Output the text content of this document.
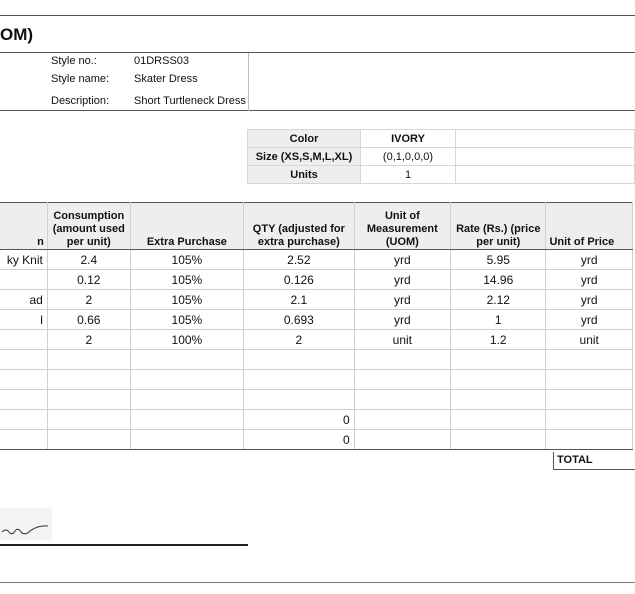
OM)
Style no.:	01DRSS03
Style name: Skater Dress
Description: Short Turtleneck Dress
Color	IVORY	
Size (XS,S,M,L,XL)	(0,1,0,0,0)	
Units	1	
n	Consumption (amount used per unit)	Extra Purchase	QTY (adjusted for extra purchase)	Unit of Measurement (UOM)	Rate (Rs.) (price per unit)	Unit of Price
ky Knit	2.4	105%	2.52	yrd	5.95	yrd
	0.12	105%	0.126	yrd	14.96	yrd
ad	2	105%	2.1	yrd	2.12	yrd
l	0.66	105%	0.693	yrd	1	yrd
	2	100%	2	unit	1.2	unit

			0			
			0			
TOTAL
